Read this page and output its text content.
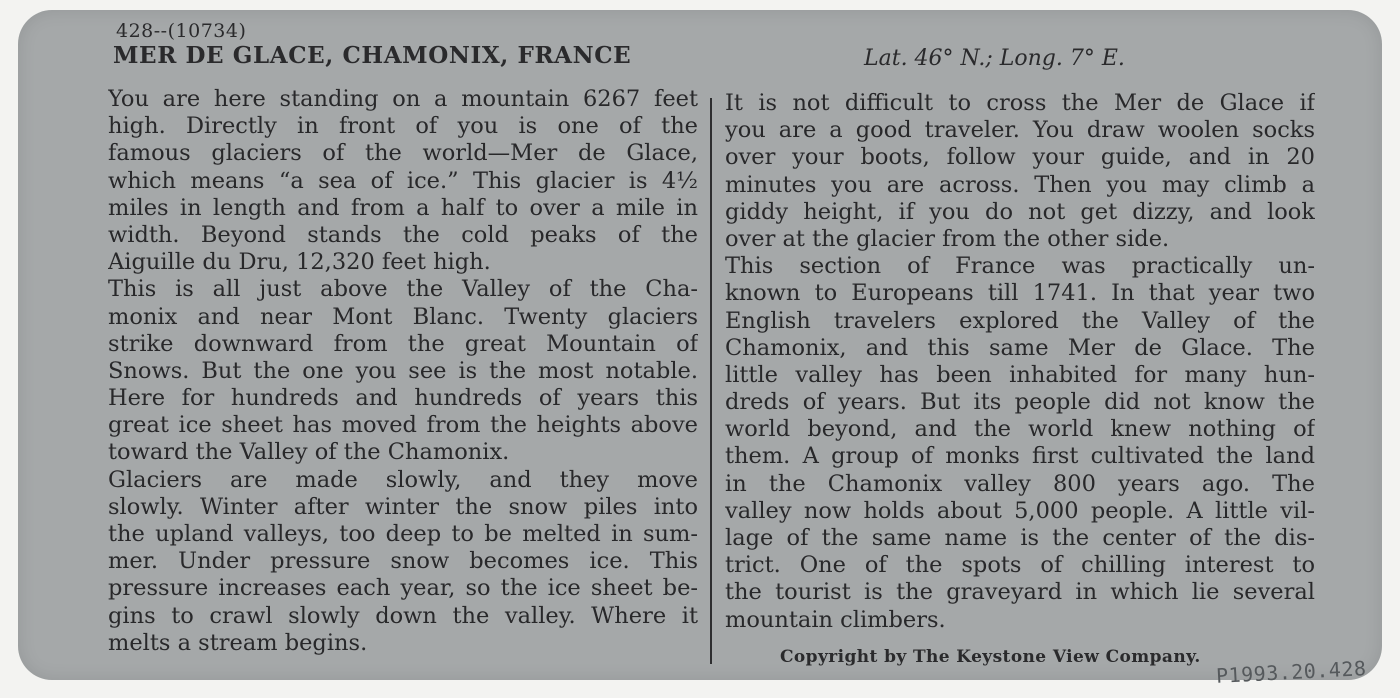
428--(10734)
MER DE GLACE, CHAMONIX, FRANCE	Lat. 46° N.; Long. 7° E.
You are here standing on a mountain 6267 feet
high. Directly in front of you is one of the
famous glaciers of the world—Mer de Glace,
which means “a sea of ice.” This glacier is 4½
miles in length and from a half to over a mile in
width. Beyond stands the cold peaks of the
Aiguille du Dru, 12,320 feet high.
This is all just above the Valley of the Cha-
monix and near Mont Blanc. Twenty glaciers
strike downward from the great Mountain of
Snows. But the one you see is the most notable.
Here for hundreds and hundreds of years this
great ice sheet has moved from the heights above
toward the Valley of the Chamonix.
Glaciers are made slowly, and they move
slowly. Winter after winter the snow piles into
the upland valleys, too deep to be melted in sum-
mer. Under pressure snow becomes ice. This
pressure increases each year, so the ice sheet be-
gins to crawl slowly down the valley. Where it
melts a stream begins.
It is not difficult to cross the Mer de Glace if
you are a good traveler. You draw woolen socks
over your boots, follow your guide, and in 20
minutes you are across. Then you may climb a
giddy height, if you do not get dizzy, and look
over at the glacier from the other side.
This section of France was practically un-
known to Europeans till 1741. In that year two
English travelers explored the Valley of the
Chamonix, and this same Mer de Glace. The
little valley has been inhabited for many hun-
dreds of years. But its people did not know the
world beyond, and the world knew nothing of
them. A group of monks first cultivated the land
in the Chamonix valley 800 years ago. The
valley now holds about 5,000 people. A little vil-
lage of the same name is the center of the dis-
trict. One of the spots of chilling interest to
the tourist is the graveyard in which lie several
mountain climbers.
Copyright by The Keystone View Company. P1993.20.428
